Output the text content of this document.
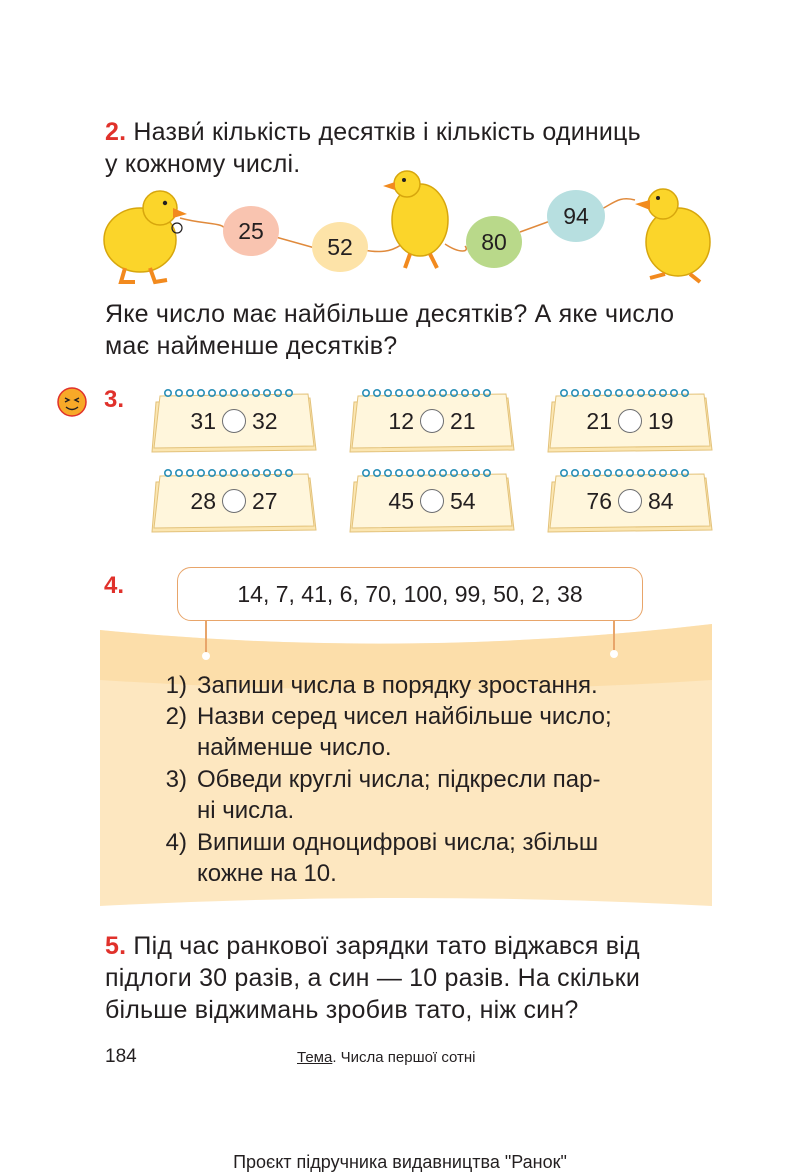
2. Назви́ кількість десятків і кількість одиниць
у кожному числі.
25
52	80
94
Яке число має найбільше десятків? А яке число
має найменше десятків?
3.
31 32	12 21	21 19
28 27	45 54	76 84
4.	14, 7, 41, 6, 70, 100, 99, 50, 2, 38
1) Запиши числа в порядку зростання.
2) Назви серед чисел найбільше число;
найменше число.
3) Обведи круглі числа; підкресли пар-
ні числа.
4) Випиши одноцифрові числа; збільш
кожне на 10.
5. Під час ранкової зарядки тато віджався від
підлоги 30 разів, а син — 10 разів. На скільки
більше віджимань зробив тато, ніж син?
184	Тема. Числа першої сотні
Проєкт підручника видавництва "Ранок"
